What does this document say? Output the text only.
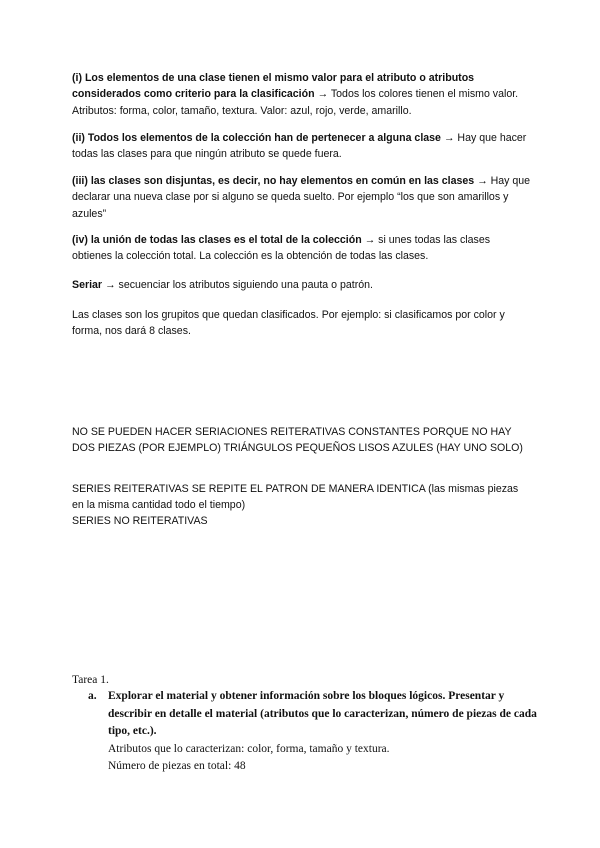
(i) Los elementos de una clase tienen el mismo valor para el atributo o atributos considerados como criterio para la clasificación → Todos los colores tienen el mismo valor. Atributos: forma, color, tamaño, textura. Valor: azul, rojo, verde, amarillo.

(ii) Todos los elementos de la colección han de pertenecer a alguna clase → Hay que hacer todas las clases para que ningún atributo se quede fuera.

(iii) las clases son disjuntas, es decir, no hay elementos en común en las clases → Hay que declarar una nueva clase por si alguno se queda suelto. Por ejemplo “los que son amarillos y azules”

(iv) la unión de todas las clases es el total de la colección → si unes todas las clases obtienes la colección total. La colección es la obtención de todas las clases.

Seriar → secuenciar los atributos siguiendo una pauta o patrón.

Las clases son los grupitos que quedan clasificados. Por ejemplo: si clasificamos por color y forma, nos dará 8 clases.

NO SE PUEDEN HACER SERIACIONES REITERATIVAS CONSTANTES PORQUE NO HAY DOS PIEZAS (POR EJEMPLO) TRIÁNGULOS PEQUEÑOS LISOS AZULES (HAY UNO SOLO)

SERIES REITERATIVAS SE REPITE EL PATRON DE MANERA IDENTICA (las mismas piezas en la misma cantidad todo el tiempo)

SERIES NO REITERATIVAS

Tarea 1.
a. Explorar el material y obtener información sobre los bloques lógicos. Presentar y describir en detalle el material (atributos que lo caracterizan, número de piezas de cada tipo, etc.).
Atributos que lo caracterizan: color, forma, tamaño y textura.
Número de piezas en total: 48
